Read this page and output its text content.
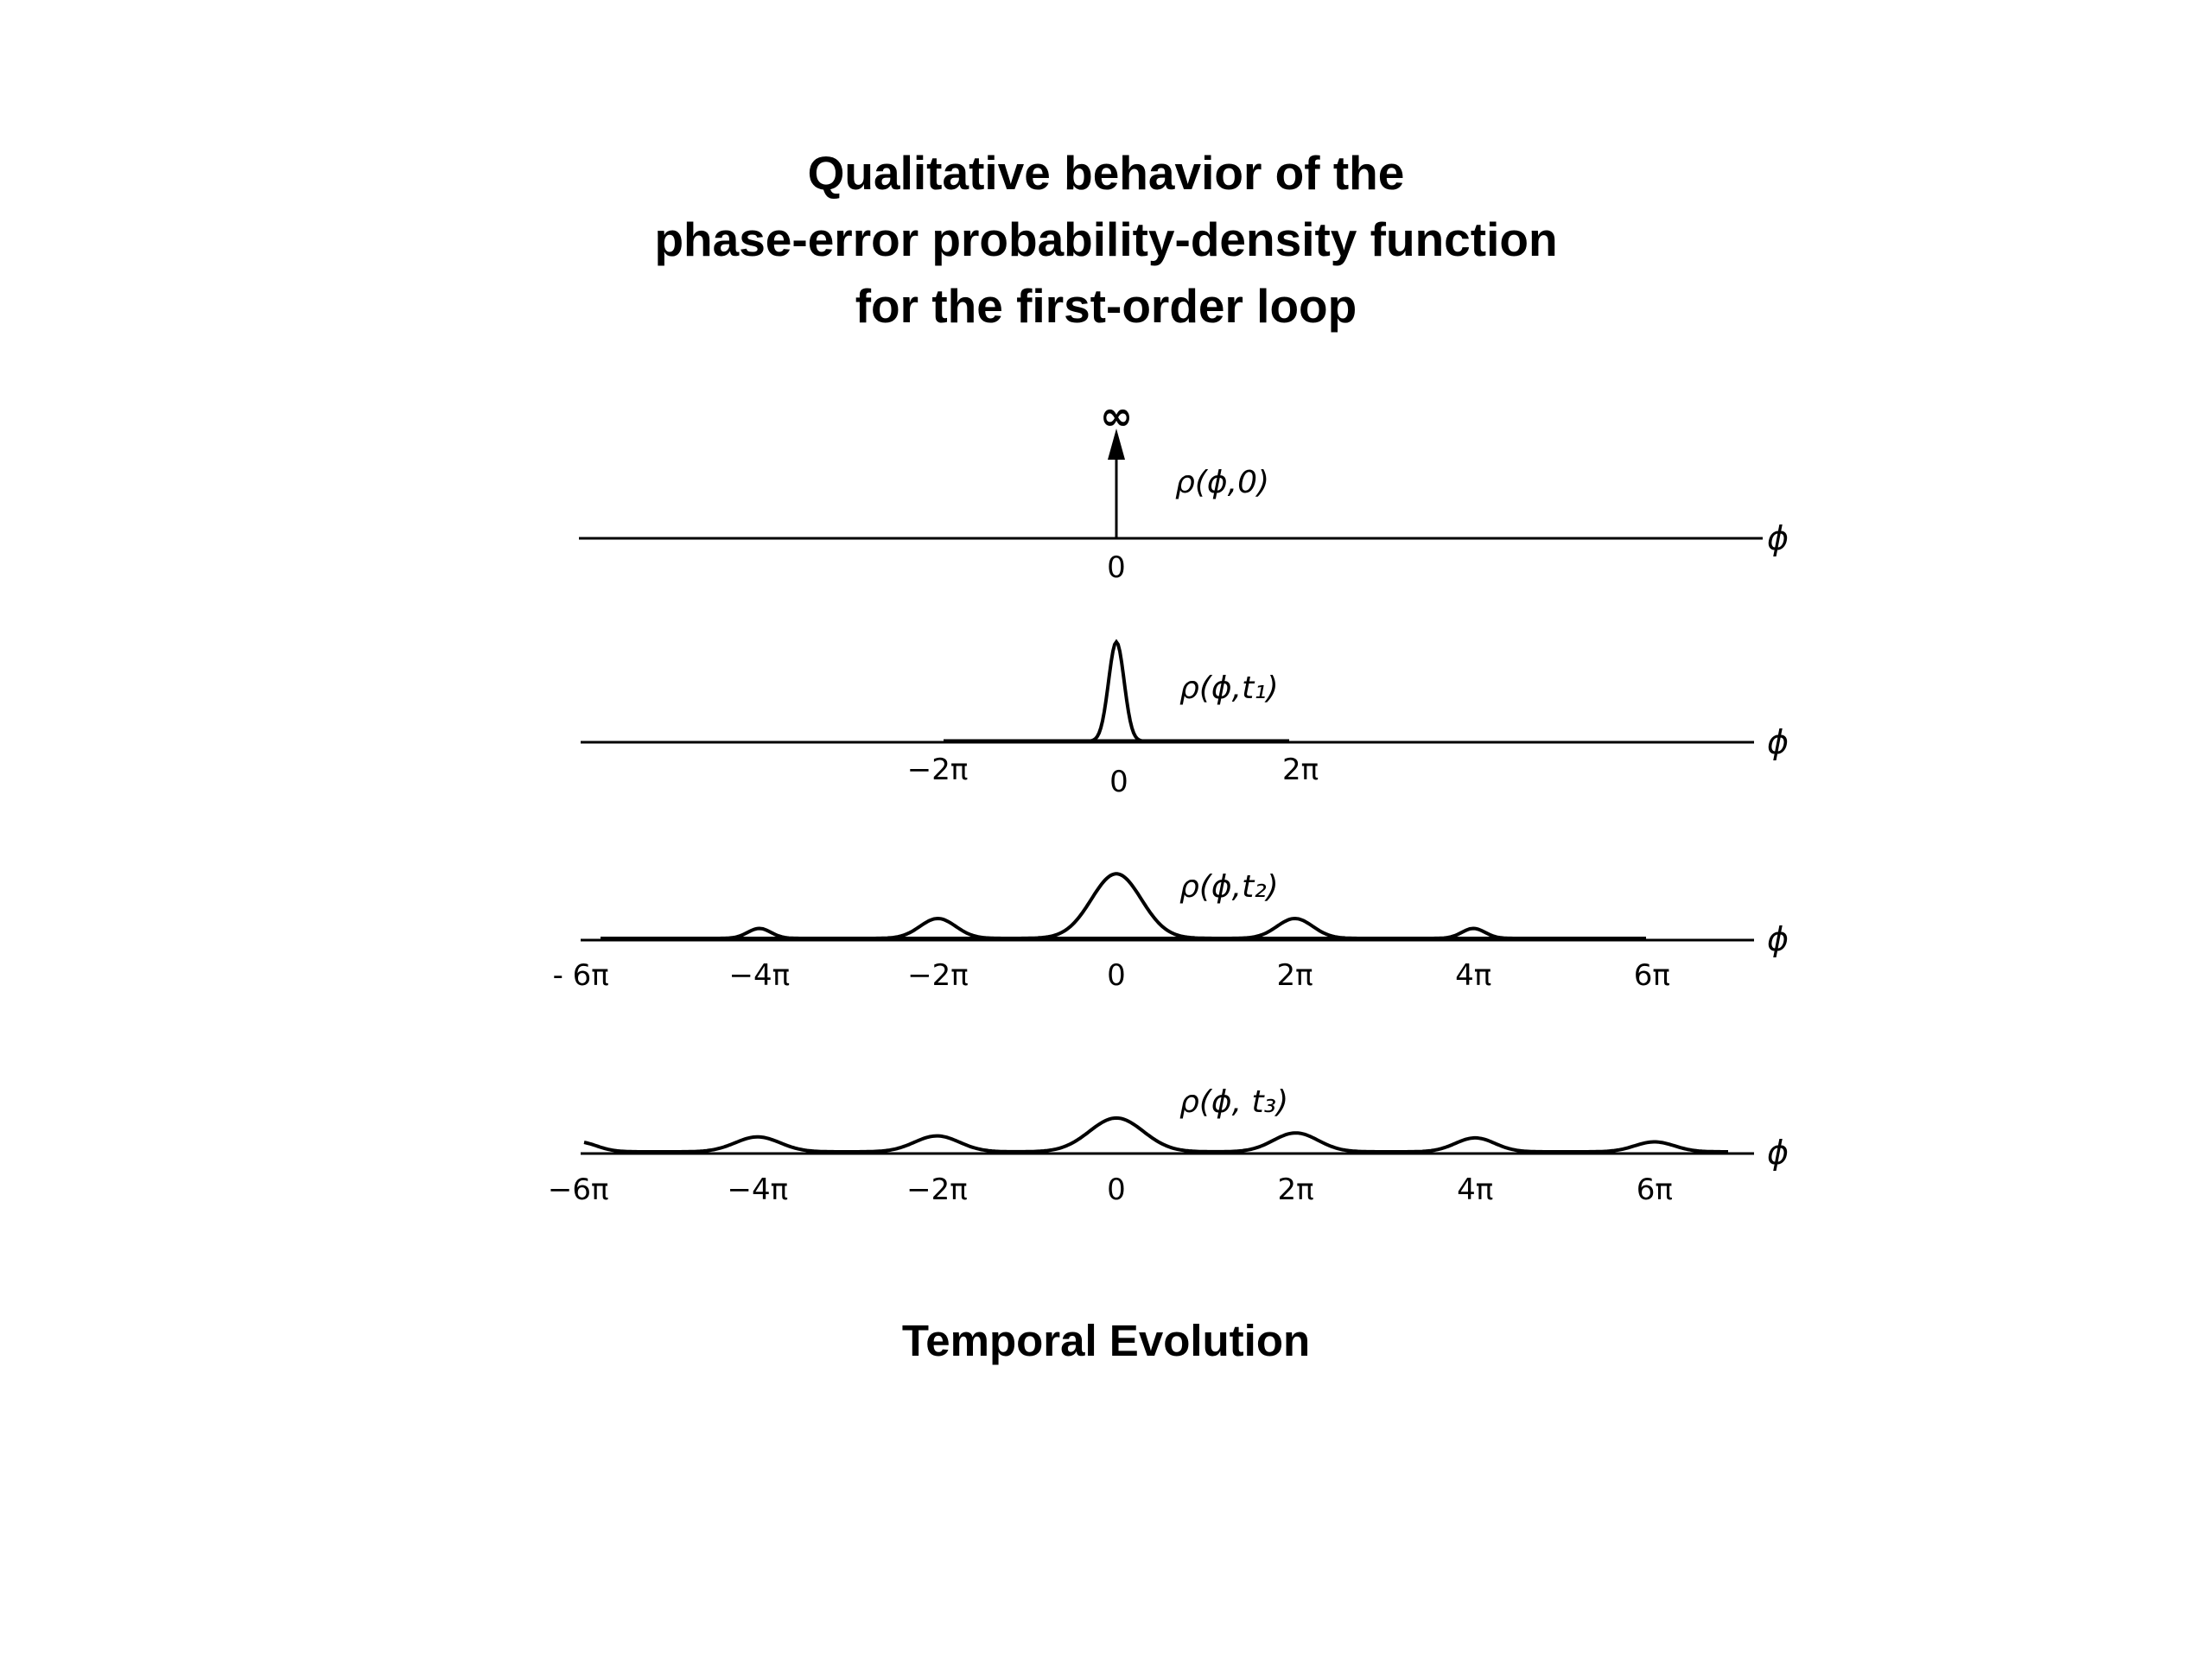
Qualitative behavior of the
phase-error probability-density function
for the first-order loop
ϕ
∞
ρ(ϕ,0)
0
ϕ
ρ(ϕ,t₁)
−2π	0	2π
ϕ
ρ(ϕ,t₂)
- 6π	−4π	−2π	0	2π	4π	6π
ϕ
ρ(ϕ, t₃)
−6π	−4π	−2π	0	2π	4π	6π
Temporal Evolution
